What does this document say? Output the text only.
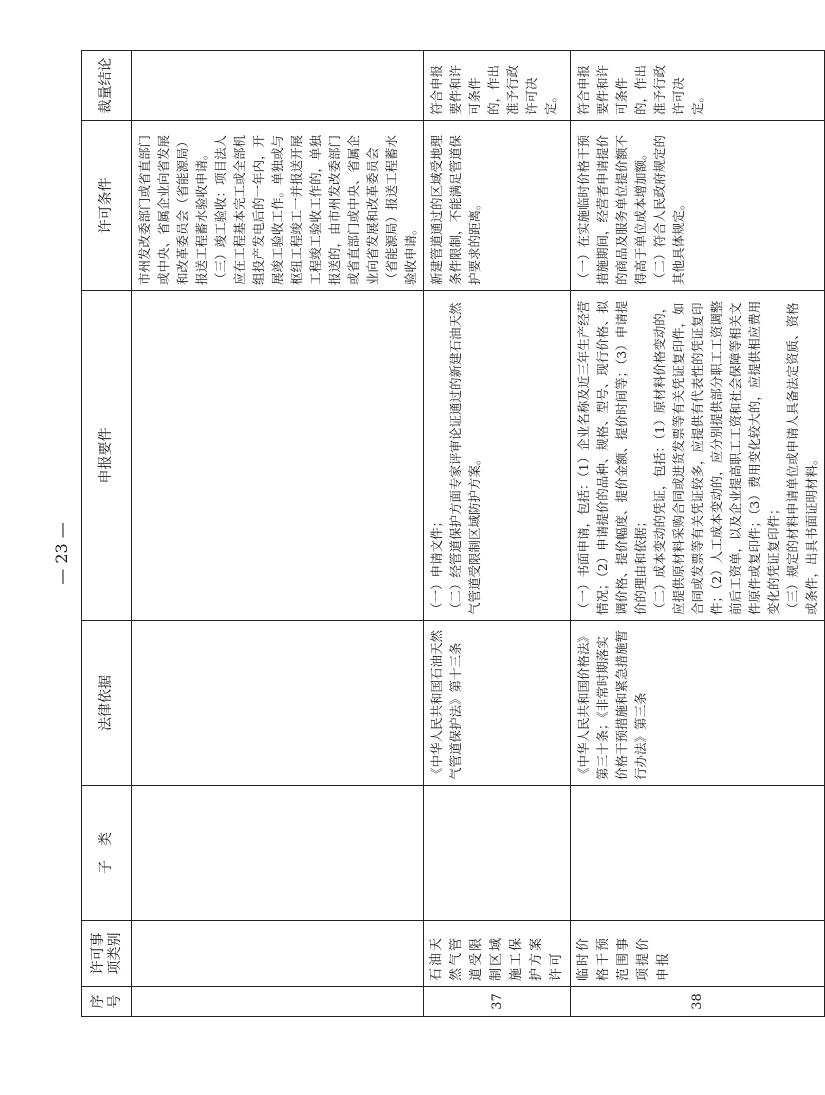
序号	许可事项类别	子　类	法律依据	申报要件	许可条件	裁量结论

					市州发改委部门或省直部门或中央、省属企业向省发展和改革委员会（省能源局）报送工程蓄水验收申请。 （三）竣工验收：项目法人应在工程基本完工或全部机组投产发电后的一年内，开展竣工验收工作。单独或与枢纽工程竣工一并报送开展工程竣工验收工作的，单独报送的，由市州发改委部门或省直部门或中央、省属企业向省发展和改革委员会（省能源局）报送工程蓄水验收申请。	

37	石油天然气管道受限制区域施工保护方案许可		《中华人民共和国石油天然气管道保护法》第十三条	（一）申请文件； （二）经管道保护方面专家评审论证通过的新建石油天然气管道受限制区域防护方案。	新建管道通过的区域受地理条件限制，不能满足管道保护要求的距离。	符合申报要件和许可条件的，作出准予行政许可决定。
38	临时价格干预范围事项提价申报		《中华人民共和国价格法》第三十条；《非常时期落实价格干预措施和紧急措施暂行办法》第三条	（一）书面申请，包括：（1）企业名称及近三年生产经营情况；（2）申请提价的品种、规格、型号、现行价格、拟调价格、提价幅度、提价金额、提价时间等；（3）申请提价的理由和依据； （二）成本变动的凭证，包括：（1）原材料价格变动的，应提供原材料采购合同或进货发票等有关凭证复印件，如合同或发票等有关凭证较多，应提供有代表性的凭证复印件；（2）人工成本变动的，应分别提供部分职工工资调整前后工资单，以及企业提高职工工资和社会保障等相关文件原件或复印件；（3）费用变化较大的，应提供相应费用变化的凭证复印件； （三）规定的材料申请单位或申请人具备法定资质、资格或条件，出具书面证明材料。	（一）在实施临时价格干预措施期间，经营者申请提价的商品及服务单位提价额不得高于单位成本增加额。 （二）符合人民政府规定的其他具体规定。	符合申报要件和许可条件的，作出准予行政许可决定。
— 23 —
